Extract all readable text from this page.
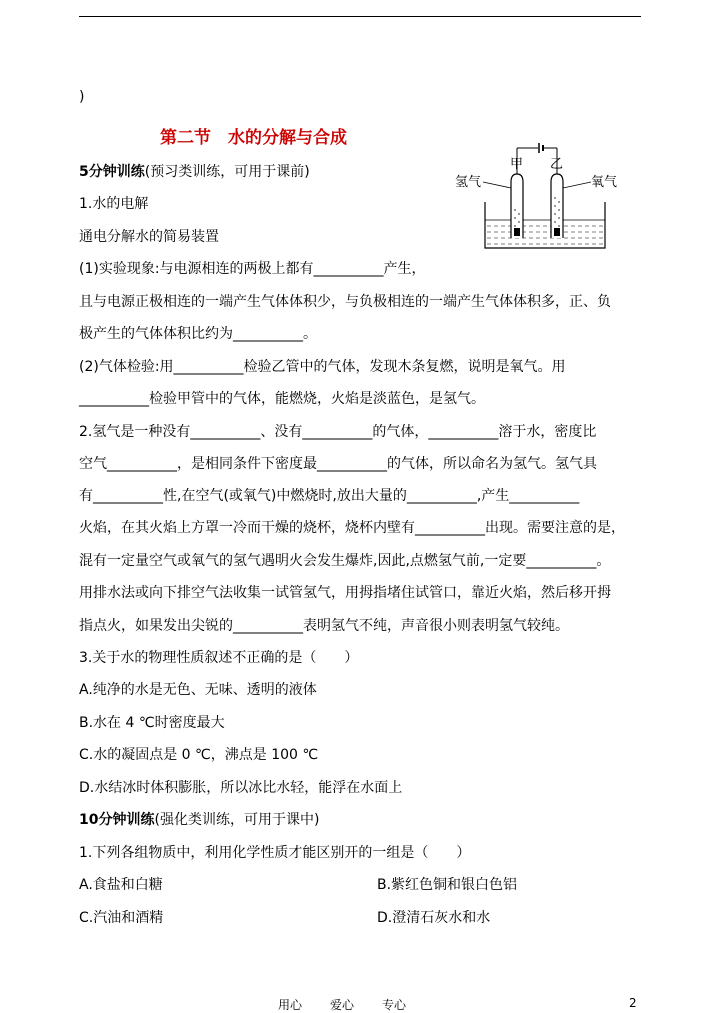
)
第二节　水的分解与合成
5分钟训练(预习类训练，可用于课前)
氢气	氧气
甲 乙
1.水的电解
通电分解水的简易装置
(1)实验现象:与电源相连的两极上都有__________产生，
且与电源正极相连的一端产生气体体积少，与负极相连的一端产生气体体积多，正、负
极产生的气体体积比约为__________。
(2)气体检验:用__________检验乙管中的气体，发现木条复燃，说明是氧气。用
__________检验甲管中的气体，能燃烧，火焰是淡蓝色，是氢气。
2.氢气是一种没有__________、没有__________的气体，__________溶于水，密度比
空气__________，是相同条件下密度最__________的气体，所以命名为氢气。氢气具
有__________性,在空气(或氧气)中燃烧时,放出大量的__________,产生__________
火焰，在其火焰上方罩一冷而干燥的烧杯，烧杯内壁有__________出现。需要注意的是，
混有一定量空气或氧气的氢气遇明火会发生爆炸,因此,点燃氢气前,一定要__________。
用排水法或向下排空气法收集一试管氢气，用拇指堵住试管口，靠近火焰，然后移开拇
指点火，如果发出尖锐的__________表明氢气不纯，声音很小则表明氢气较纯。
3.关于水的物理性质叙述不正确的是（　　）
A.纯净的水是无色、无味、透明的液体
B.水在 4 ℃时密度最大
C.水的凝固点是 0 ℃，沸点是 100 ℃
D.水结冰时体积膨胀，所以冰比水轻，能浮在水面上
10分钟训练(强化类训练，可用于课中)
1.下列各组物质中，利用化学性质才能区别开的一组是（　　）
A.食盐和白糖	B.紫红色铜和银白色铝
C.汽油和酒精	D.澄清石灰水和水
用心 爱心 专心	2
